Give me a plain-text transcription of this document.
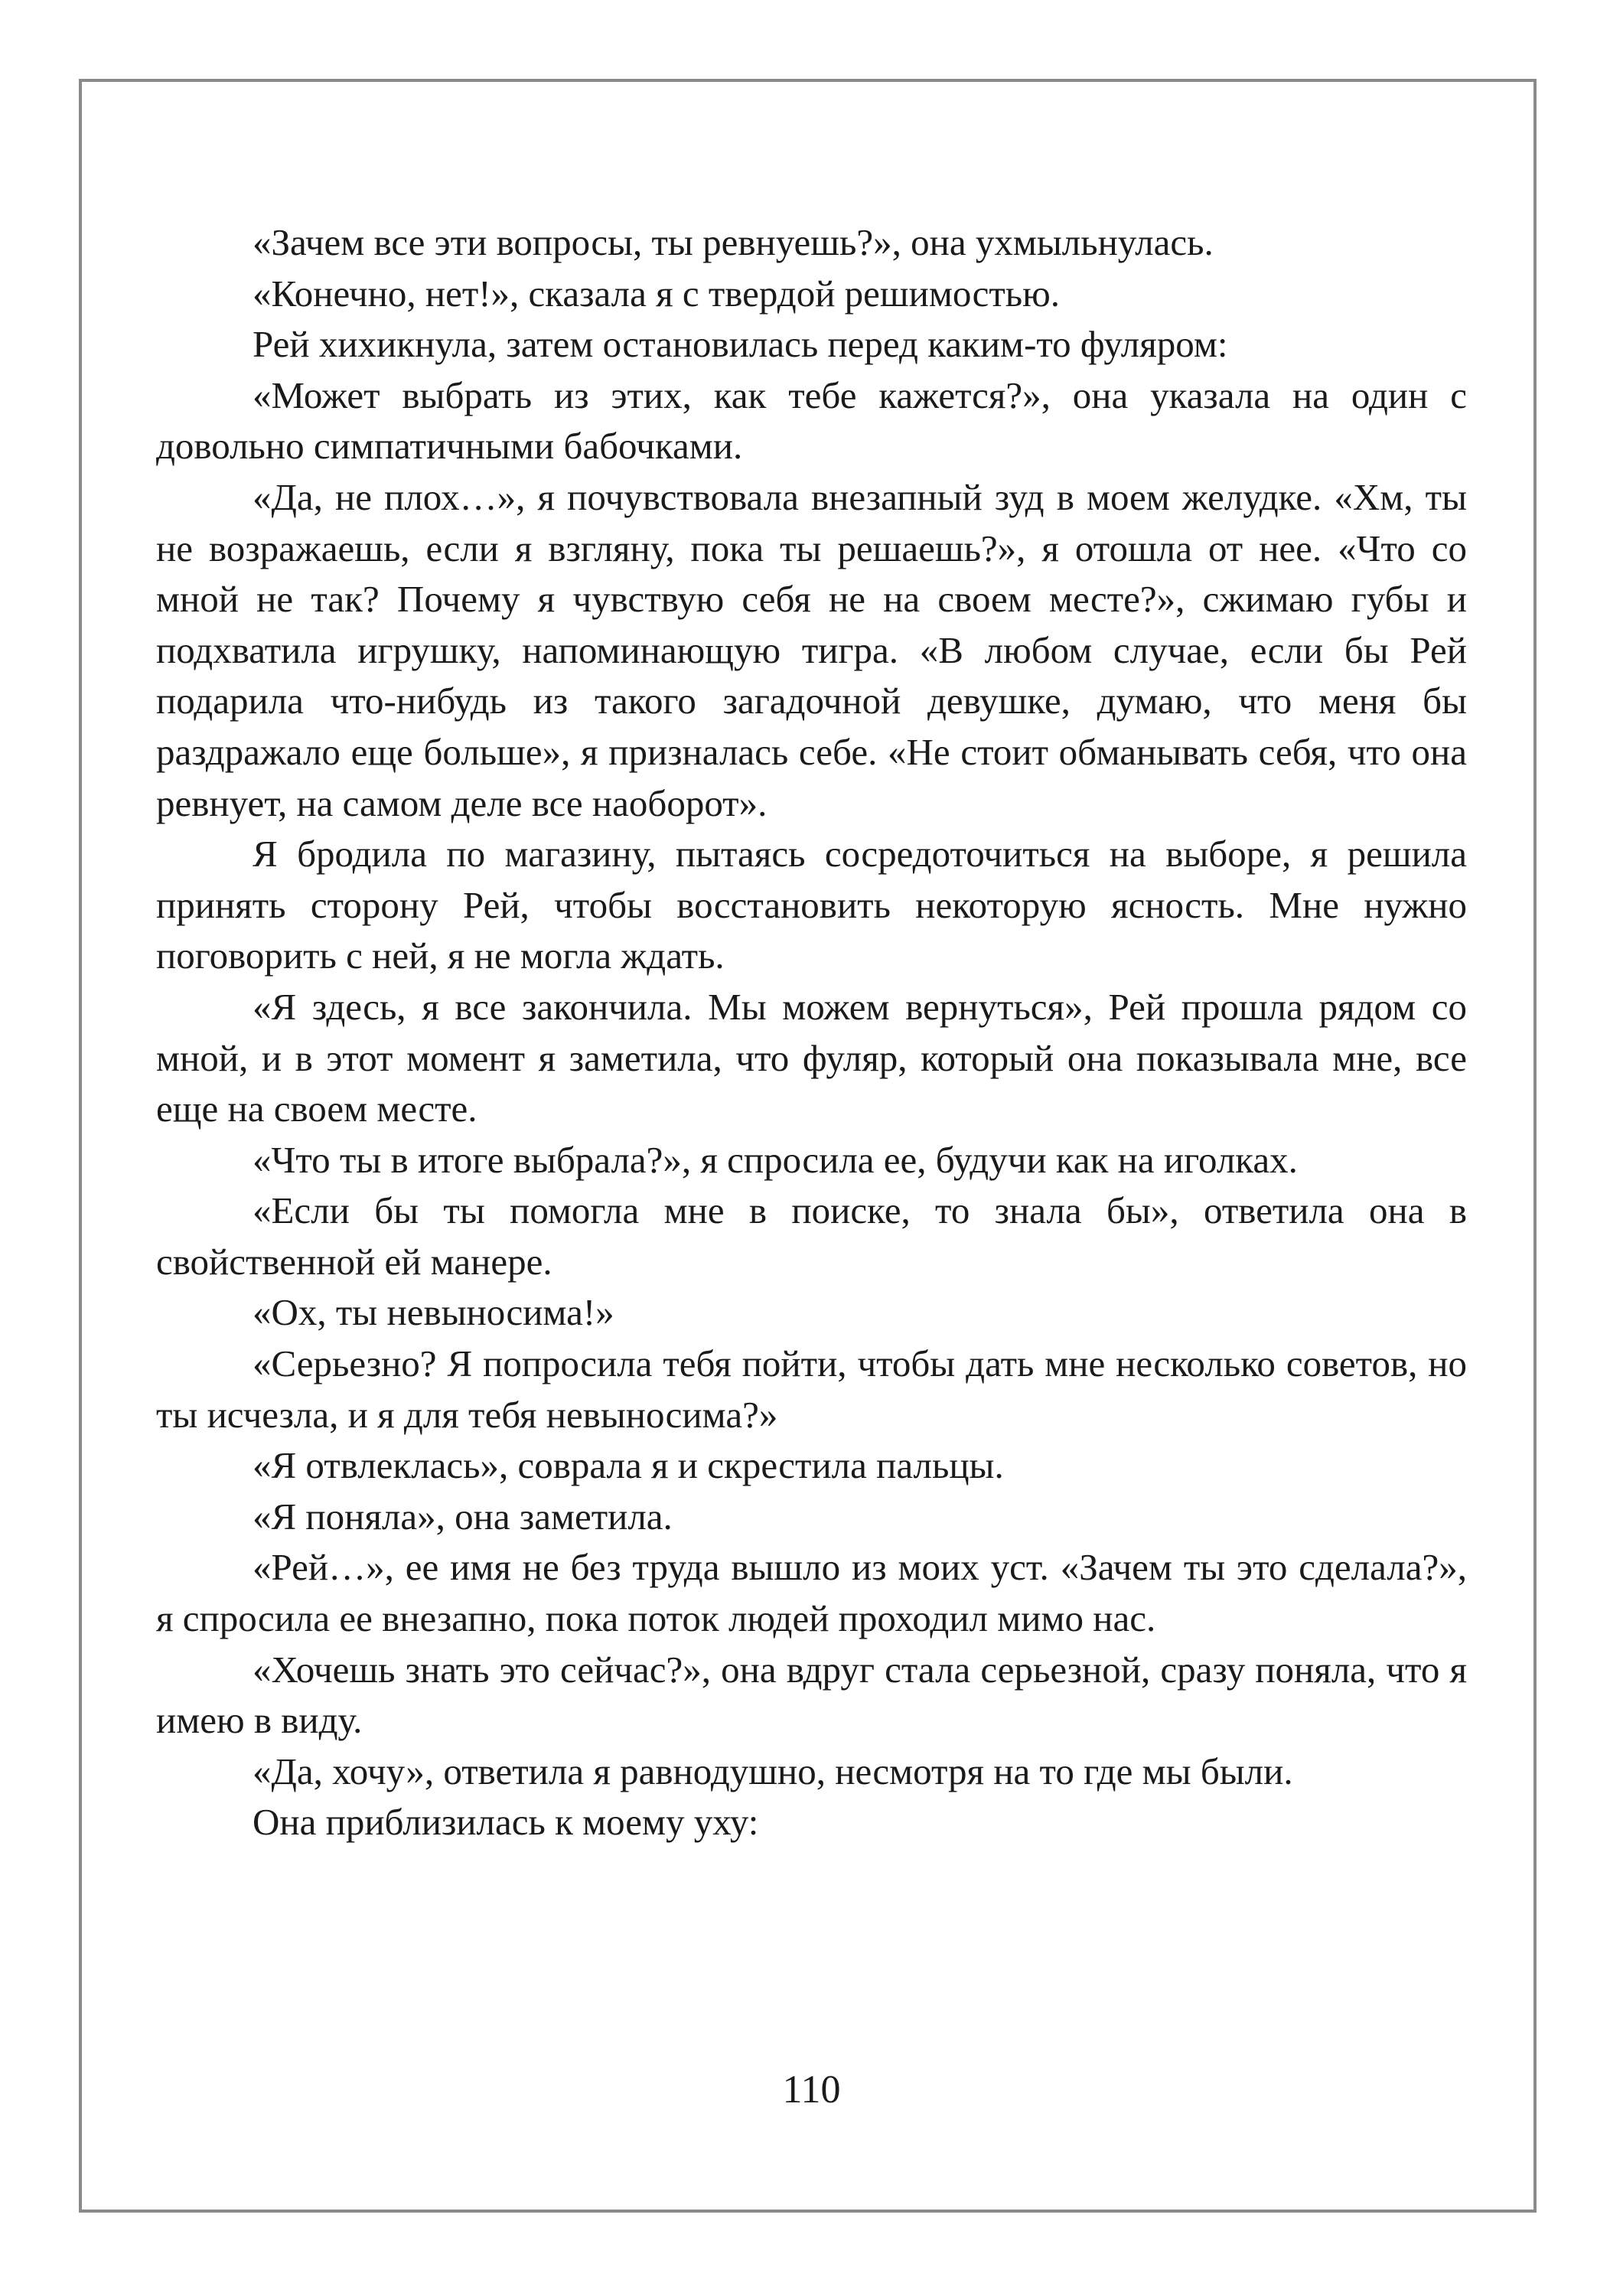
«Зачем все эти вопросы, ты ревнуешь?», она ухмыльнулась.

«Конечно, нет!», сказала я с твердой решимостью.

Рей хихикнула, затем остановилась перед каким-то фуляром:

«Может выбрать из этих, как тебе кажется?», она указала на один с довольно симпатичными бабочками.

«Да, не плох…», я почувствовала внезапный зуд в моем желудке. «Хм, ты не возражаешь, если я взгляну, пока ты решаешь?», я отошла от нее. «Что со мной не так? Почему я чувствую себя не на своем месте?», сжимаю губы и подхватила игрушку, напоминающую тигра. «В любом случае, если бы Рей подарила что-нибудь из такого загадочной девушке, думаю, что меня бы раздражало еще больше», я призналась себе. «Не стоит обманывать себя, что она ревнует, на самом деле все наоборот».

Я бродила по магазину, пытаясь сосредоточиться на выборе, я решила принять сторону Рей, чтобы восстановить некоторую ясность. Мне нужно поговорить с ней, я не могла ждать.

«Я здесь, я все закончила. Мы можем вернуться», Рей прошла рядом со мной, и в этот момент я заметила, что фуляр, который она показывала мне, все еще на своем месте.

«Что ты в итоге выбрала?», я спросила ее, будучи как на иголках.

«Если бы ты помогла мне в поиске, то знала бы», ответила она в свойственной ей манере.

«Ох, ты невыносима!»

«Серьезно? Я попросила тебя пойти, чтобы дать мне несколько советов, но ты исчезла, и я для тебя невыносима?»

«Я отвлеклась», соврала я и скрестила пальцы.

«Я поняла», она заметила.

«Рей…», ее имя не без труда вышло из моих уст. «Зачем ты это сделала?», я спросила ее внезапно, пока поток людей проходил мимо нас.

«Хочешь знать это сейчас?», она вдруг стала серьезной, сразу поняла, что я имею в виду.

«Да, хочу», ответила я равнодушно, несмотря на то где мы были.

Она приблизилась к моему уху:

110
